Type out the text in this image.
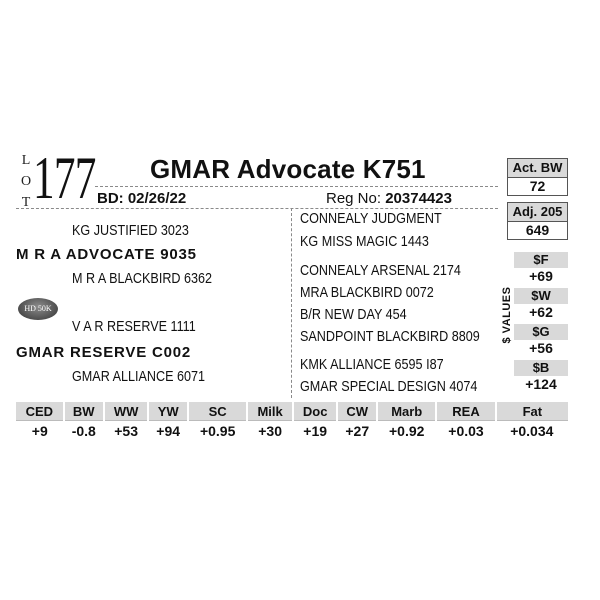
L
O
T 177 GMAR Advocate K751
BD: 02/26/22	Reg No: 20374423
Act. BW
72
Adj. 205
649
KG JUSTIFIED 3023
M R A ADVOCATE 9035
M R A BLACKBIRD 6362
HD 50K
V A R RESERVE 1111
GMAR RESERVE C002
GMAR ALLIANCE 6071
CONNEALY JUDGMENT
KG MISS MAGIC 1443
CONNEALY ARSENAL 2174
MRA BLACKBIRD 0072
B/R NEW DAY 454
SANDPOINT BLACKBIRD 8809
KMK ALLIANCE 6595 I87
GMAR SPECIAL DESIGN 4074
$ VALUES
$F
+69
$W
+62
$G
+56
$B
+124
CED	BW	WW	YW	SC	Milk	Doc	CW	Marb	REA	Fat
+9	-0.8	+53	+94	+0.95	+30	+19	+27	+0.92	+0.03	+0.034
